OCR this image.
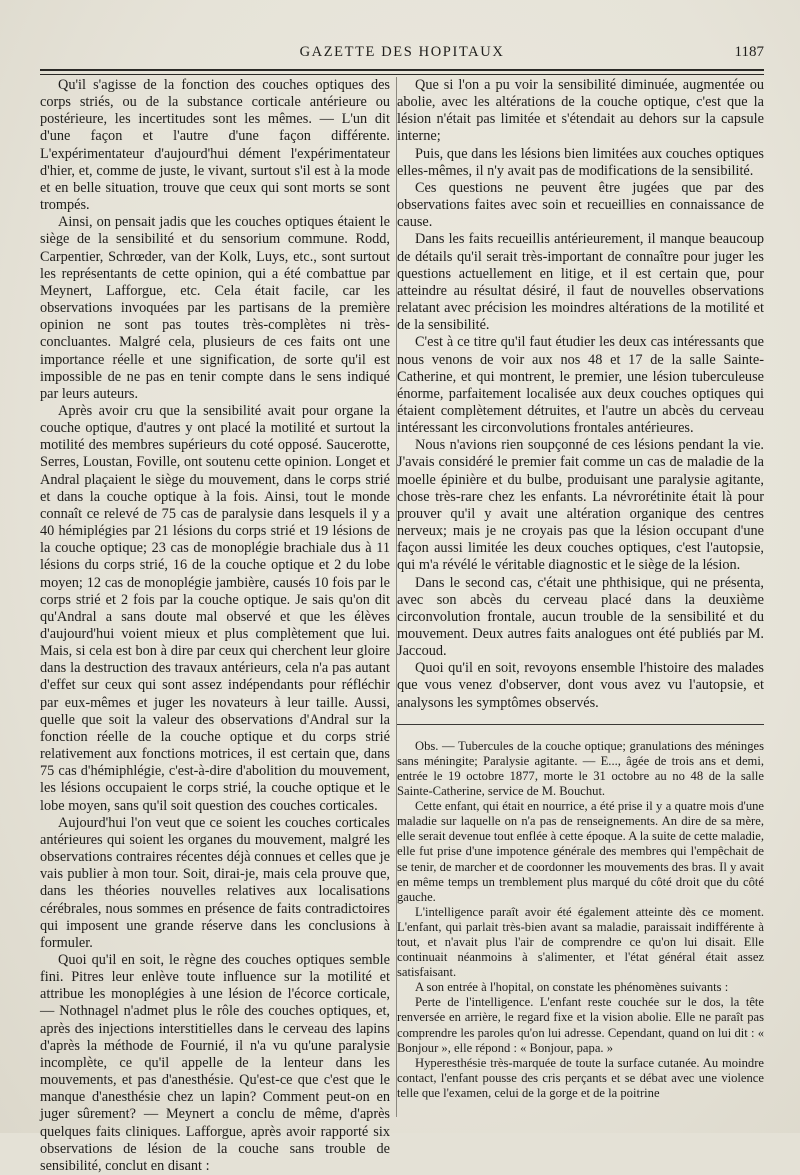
GAZETTE DES HOPITAUX	1187

Qu'il s'agisse de la fonction des couches optiques des corps striés, ou de la substance corticale antérieure ou postérieure, les incertitudes sont les mêmes. — L'un dit d'une façon et l'autre d'une façon différente. L'expérimentateur d'aujourd'hui dément l'expérimentateur d'hier, et, comme de juste, le vivant, surtout s'il est à la mode et en belle situation, trouve que ceux qui sont morts se sont trompés.

Ainsi, on pensait jadis que les couches optiques étaient le siège de la sensibilité et du sensorium commune. Rodd, Carpentier, Schrœder, van der Kolk, Luys, etc., sont surtout les représentants de cette opinion, qui a été combattue par Meynert, Lafforgue, etc. Cela était facile, car les observations invoquées par les partisans de la première opinion ne sont pas toutes très-complètes ni très-concluantes. Malgré cela, plusieurs de ces faits ont une importance réelle et une signification, de sorte qu'il est impossible de ne pas en tenir compte dans le sens indiqué par leurs auteurs.

Après avoir cru que la sensibilité avait pour organe la couche optique, d'autres y ont placé la motilité et surtout la motilité des membres supérieurs du coté opposé. Saucerotte, Serres, Loustan, Foville, ont soutenu cette opinion. Longet et Andral plaçaient le siège du mouvement, dans le corps strié et dans la couche optique à la fois. Ainsi, tout le monde connaît ce relevé de 75 cas de paralysie dans lesquels il y a 40 hémiplégies par 21 lésions du corps strié et 19 lésions de la couche optique; 23 cas de monoplégie brachiale dus à 11 lésions du corps strié, 16 de la couche optique et 2 du lobe moyen; 12 cas de monoplégie jambière, causés 10 fois par le corps strié et 2 fois par la couche optique. Je sais qu'on dit qu'Andral a sans doute mal observé et que les élèves d'aujourd'hui voient mieux et plus complètement que lui. Mais, si cela est bon à dire par ceux qui cherchent leur gloire dans la destruction des travaux antérieurs, cela n'a pas autant d'effet sur ceux qui sont assez indépendants pour réfléchir par eux-mêmes et juger les novateurs à leur taille. Aussi, quelle que soit la valeur des observations d'Andral sur la fonction réelle de la couche optique et du corps strié relativement aux fonctions motrices, il est certain que, dans 75 cas d'hémiphlégie, c'est-à-dire d'abolition du mouvement, les lésions occupaient le corps strié, la couche optique et le lobe moyen, sans qu'il soit question des couches corticales.

Aujourd'hui l'on veut que ce soient les couches corticales antérieures qui soient les organes du mouvement, malgré les observations contraires récentes déjà connues et celles que je vais publier à mon tour. Soit, dirai-je, mais cela prouve que, dans les théories nouvelles relatives aux localisations cérébrales, nous sommes en présence de faits contradictoires qui imposent une grande réserve dans les conclusions à formuler.

Quoi qu'il en soit, le règne des couches optiques semble fini. Pitres leur enlève toute influence sur la motilité et attribue les monoplégies à une lésion de l'écorce corticale, — Nothnagel n'admet plus le rôle des couches optiques, et, après des injections interstitielles dans le cerveau des lapins d'après la méthode de Fournié, il n'a vu qu'une paralysie incomplète, ce qu'il appelle de la lenteur dans les mouvements, et pas d'anesthésie. Qu'est-ce que c'est que le manque d'anesthésie chez un lapin? Comment peut-on en juger sûrement? — Meynert a conclu de même, d'après quelques faits cliniques. Lafforgue, après avoir rapporté six observations de lésion de la couche sans trouble de sensibilité, conclut en disant :

Que si l'on a pu voir la sensibilité diminuée, augmentée ou abolie, avec les altérations de la couche optique, c'est que la lésion n'était pas limitée et s'étendait au dehors sur la capsule interne;

Puis, que dans les lésions bien limitées aux couches optiques elles-mêmes, il n'y avait pas de modifications de la sensibilité.

Ces questions ne peuvent être jugées que par des observations faites avec soin et recueillies en connaissance de cause.

Dans les faits recueillis antérieurement, il manque beaucoup de détails qu'il serait très-important de connaître pour juger les questions actuellement en litige, et il est certain que, pour atteindre au résultat désiré, il faut de nouvelles observations relatant avec précision les moindres altérations de la motilité et de la sensibilité.

C'est à ce titre qu'il faut étudier les deux cas intéressants que nous venons de voir aux nos 48 et 17 de la salle Sainte-Catherine, et qui montrent, le premier, une lésion tuberculeuse énorme, parfaitement localisée aux deux couches optiques qui étaient complètement détruites, et l'autre un abcès du cerveau intéressant les circonvolutions frontales antérieures.

Nous n'avions rien soupçonné de ces lésions pendant la vie. J'avais considéré le premier fait comme un cas de maladie de la moelle épinière et du bulbe, produisant une paralysie agitante, chose très-rare chez les enfants. La névrorétinite était là pour prouver qu'il y avait une altération organique des centres nerveux; mais je ne croyais pas que la lésion occupant d'une façon aussi limitée les deux couches optiques, c'est l'autopsie, qui m'a révélé le véritable diagnostic et le siège de la lésion.

Dans le second cas, c'était une phthisique, qui ne présenta, avec son abcès du cerveau placé dans la deuxième circonvolution frontale, aucun trouble de la sensibilité et du mouvement. Deux autres faits analogues ont été publiés par M. Jaccoud.

Quoi qu'il en soit, revoyons ensemble l'histoire des malades que vous venez d'observer, dont vous avez vu l'autopsie, et analysons les symptômes observés.

Obs. — Tubercules de la couche optique; granulations des méninges sans méningite; Paralysie agitante. — E..., âgée de trois ans et demi, entrée le 19 octobre 1877, morte le 31 octobre au no 48 de la salle Sainte-Catherine, service de M. Bouchut.

Cette enfant, qui était en nourrice, a été prise il y a quatre mois d'une maladie sur laquelle on n'a pas de renseignements. An dire de sa mère, elle serait devenue tout enflée à cette époque. A la suite de cette maladie, elle fut prise d'une impotence générale des membres qui l'empêchait de se tenir, de marcher et de coordonner les mouvements des bras. Il y avait en même temps un tremblement plus marqué du côté droit que du côté gauche.

L'intelligence paraît avoir été également atteinte dès ce moment. L'enfant, qui parlait très-bien avant sa maladie, paraissait indifférente à tout, et n'avait plus l'air de comprendre ce qu'on lui disait. Elle continuait néanmoins à s'alimenter, et l'état général était assez satisfaisant.

A son entrée à l'hopital, on constate les phénomènes suivants :

Perte de l'intelligence. L'enfant reste couchée sur le dos, la tête renversée en arrière, le regard fixe et la vision abolie. Elle ne paraît pas comprendre les paroles qu'on lui adresse. Cependant, quand on lui dit : « Bonjour », elle répond : « Bonjour, papa. »

Hyperesthésie très-marquée de toute la surface cutanée. Au moindre contact, l'enfant pousse des cris perçants et se débat avec une violence telle que l'examen, celui de la gorge et de la poitrine
